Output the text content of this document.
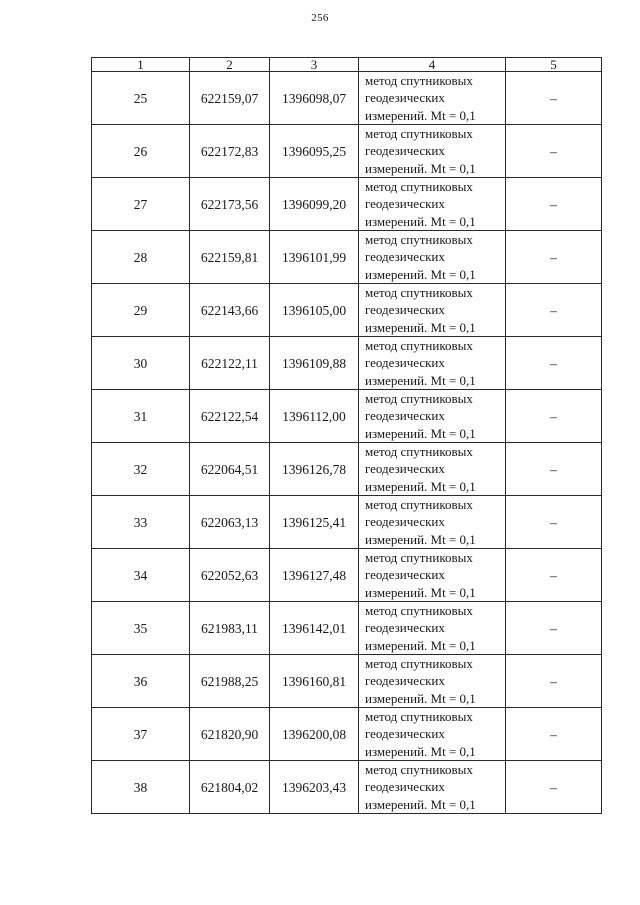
256
1	2	3	4	5
25	622159,07	1396098,07	метод спутниковых
геодезических
измерений. Mt = 0,1	–
26	622172,83	1396095,25	метод спутниковых
геодезических
измерений. Mt = 0,1	–
27	622173,56	1396099,20	метод спутниковых
геодезических
измерений. Mt = 0,1	–
28	622159,81	1396101,99	метод спутниковых
геодезических
измерений. Mt = 0,1	–
29	622143,66	1396105,00	метод спутниковых
геодезических
измерений. Mt = 0,1	–
30	622122,11	1396109,88	метод спутниковых
геодезических
измерений. Mt = 0,1	–
31	622122,54	1396112,00	метод спутниковых
геодезических
измерений. Mt = 0,1	–
32	622064,51	1396126,78	метод спутниковых
геодезических
измерений. Mt = 0,1	–
33	622063,13	1396125,41	метод спутниковых
геодезических
измерений. Mt = 0,1	–
34	622052,63	1396127,48	метод спутниковых
геодезических
измерений. Mt = 0,1	–
35	621983,11	1396142,01	метод спутниковых
геодезических
измерений. Mt = 0,1	–
36	621988,25	1396160,81	метод спутниковых
геодезических
измерений. Mt = 0,1	–
37	621820,90	1396200,08	метод спутниковых
геодезических
измерений. Mt = 0,1	–
38	621804,02	1396203,43	метод спутниковых
геодезических
измерений. Mt = 0,1	–
